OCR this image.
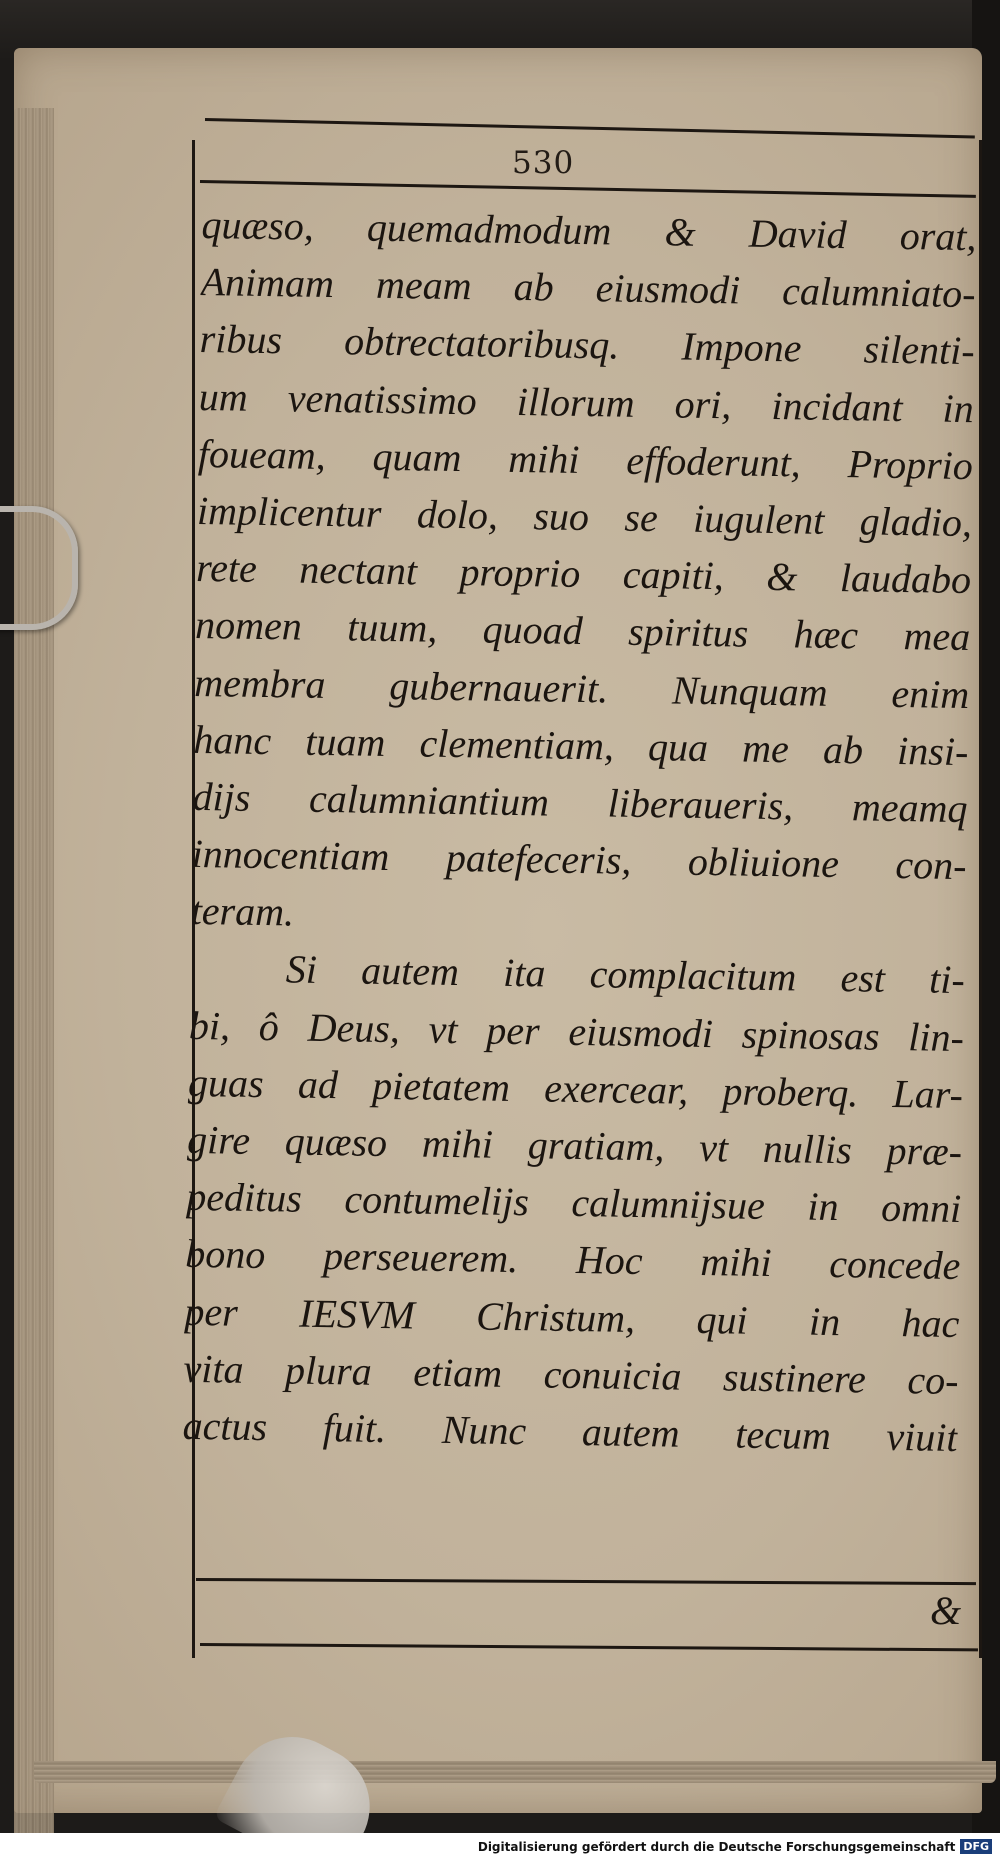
530
quæso, quemadmodum & David orat,
Animam meam ab eiusmodi calumniato-
ribus obtrectatoribusq. Impone silenti-
um venatissimo illorum ori, incidant in
foueam, quam mihi effoderunt, Proprio
implicentur dolo, suo se iugulent gladio,
rete nectant proprio capiti, & laudabo
nomen tuum, quoad spiritus hæc mea
membra gubernauerit. Nunquam enim
hanc tuam clementiam, qua me ab insi-
dijs calumniantium liberaueris, meamq
innocentiam patefeceris, obliuione con-
teram.
Si autem ita complacitum est ti-
bi, ô Deus, vt per eiusmodi spinosas lin-
guas ad pietatem exercear, proberq. Lar-
gire quæso mihi gratiam, vt nullis præ-
peditus contumelijs calumnijsue in omni
bono perseuerem. Hoc mihi concede
per IESVM Christum, qui in hac
vita plura etiam conuicia sustinere co-
actus fuit. Nunc autem tecum viuit
&
Digitalisierung gefördert durch die Deutsche Forschungsgemeinschaft DFG
